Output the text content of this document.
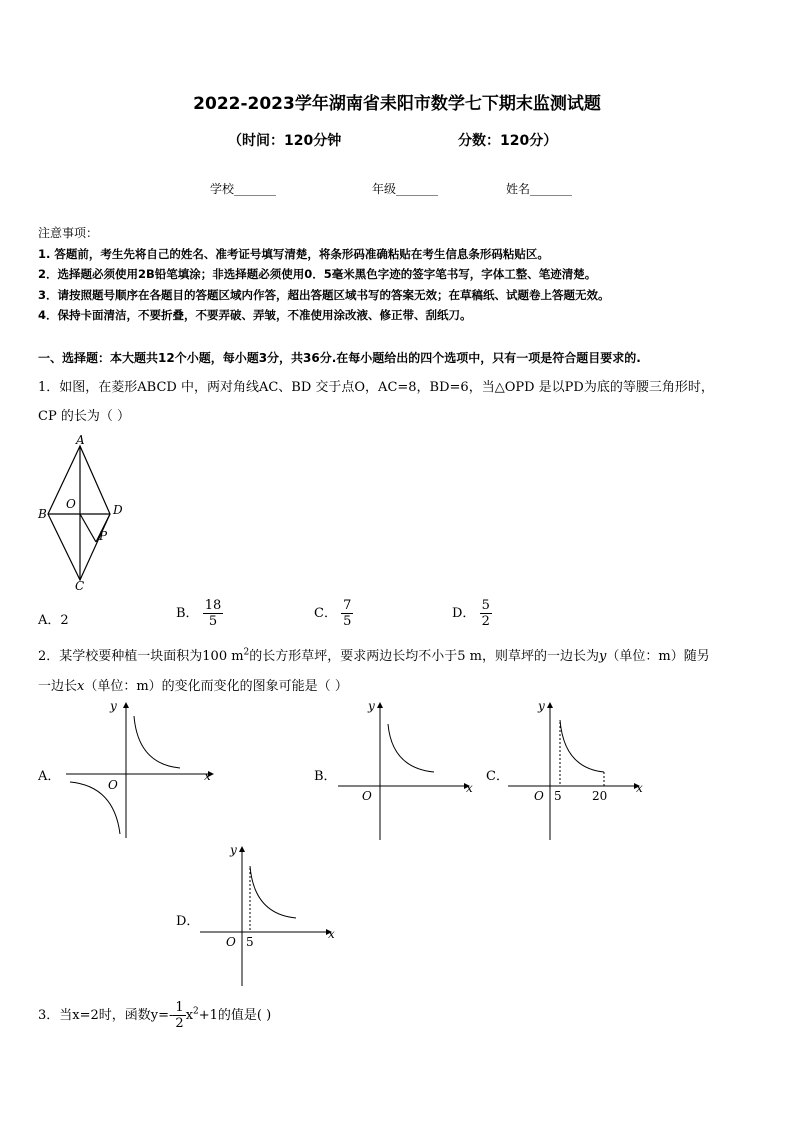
2022-2023学年湖南省耒阳市数学七下期末监测试题
（时间：120分钟	分数：120分）
学校_______	年级_______	姓名_______
注意事项：
1. 答题前，考生先将自己的姓名、准考证号填写清楚，将条形码准确粘贴在考生信息条形码粘贴区。
2．选择题必须使用2B铅笔填涂；非选择题必须使用0．5毫米黑色字迹的签字笔书写，字体工整、笔迹清楚。
3．请按照题号顺序在各题目的答题区域内作答，超出答题区域书写的答案无效；在草稿纸、试题卷上答题无效。
4．保持卡面清洁，不要折叠，不要弄破、弄皱，不准使用涂改液、修正带、刮纸刀。
一、选择题：本大题共12个小题，每小题3分，共36分.在每小题给出的四个选项中，只有一项是符合题目要求的.
1．如图，在菱形ABCD 中，两对角线AC、BD 交于点O，AC=8，BD=6，当△OPD 是以PD为底的等腰三角形时，
CP 的长为（ ）
A
B
C
D
O
P
A．2	B． $\frac{18}{5}$	C． $\frac{7}{5}$	D． $\frac{5}{2}$
2．某学校要种植一块面积为100 $m^2$的长方形草坪，要求两边长均不小于5 m，则草坪的一边长为y（单位：m）随另
一边长x（单位：m）的变化而变化的图象可能是（ ）
A．
y
x
O
B．
y
x
O
C．
y
x
O 5	20
D．
y
x
O 5
3．当x=2时，函数$y=- \frac{1}{2} x^2+1$的值是( )
